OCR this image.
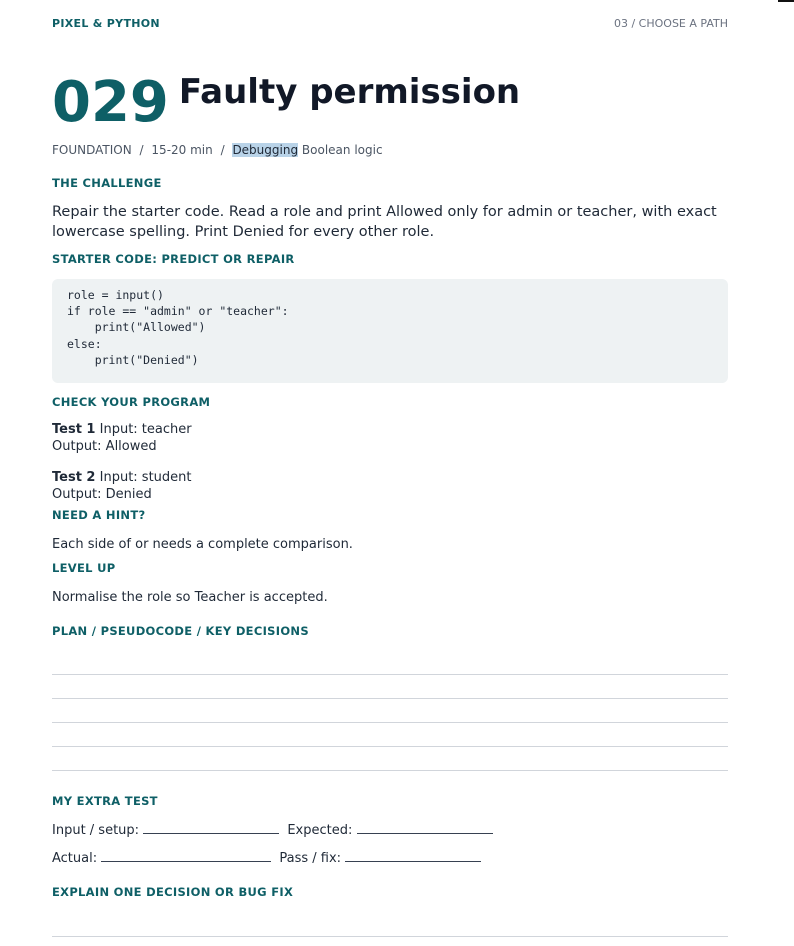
PIXEL & PYTHON	03 / CHOOSE A PATH
029 Faulty permission
FOUNDATION / 15-20 min / Debugging Boolean logic
THE CHALLENGE
Repair the starter code. Read a role and print Allowed only for admin or teacher, with exact lowercase spelling. Print Denied for every other role.
STARTER CODE: PREDICT OR REPAIR
role = input()
if role == "admin" or "teacher":
print("Allowed")
else:
print("Denied")
CHECK YOUR PROGRAM
Test 1 Input: teacher
Output: Allowed
Test 2 Input: student
Output: Denied
NEED A HINT?
Each side of or needs a complete comparison.
LEVEL UP
Normalise the role so Teacher is accepted.
PLAN / PSEUDOCODE / KEY DECISIONS
MY EXTRA TEST
Input / setup:	Expected:
Actual:	Pass / fix:
EXPLAIN ONE DECISION OR BUG FIX
